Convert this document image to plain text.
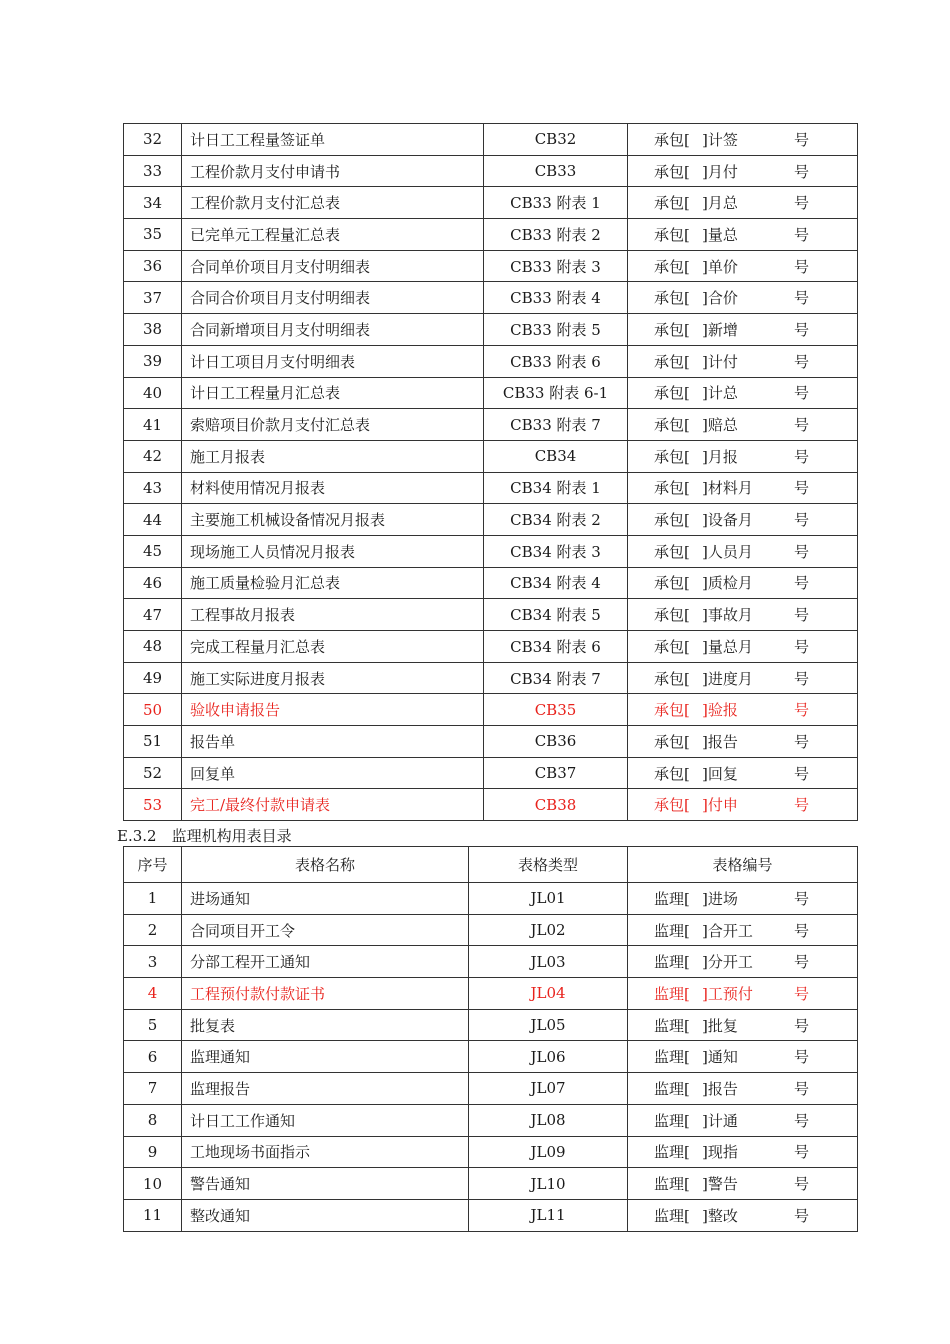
32	计日工工程量签证单	CB32	承包[ ]计签 号
33	工程价款月支付申请书	CB33	承包[ ]月付 号
34	工程价款月支付汇总表	CB33 附表 1	承包[ ]月总 号
35	已完单元工程量汇总表	CB33 附表 2	承包[ ]量总 号
36	合同单价项目月支付明细表	CB33 附表 3	承包[ ]单价 号
37	合同合价项目月支付明细表	CB33 附表 4	承包[ ]合价 号
38	合同新增项目月支付明细表	CB33 附表 5	承包[ ]新增 号
39	计日工项目月支付明细表	CB33 附表 6	承包[ ]计付 号
40	计日工工程量月汇总表	CB33 附表 6-1	承包[ ]计总 号
41	索赔项目价款月支付汇总表	CB33 附表 7	承包[ ]赔总 号
42	施工月报表	CB34	承包[ ]月报 号
43	材料使用情况月报表	CB34 附表 1	承包[ ]材料月 号
44	主要施工机械设备情况月报表	CB34 附表 2	承包[ ]设备月 号
45	现场施工人员情况月报表	CB34 附表 3	承包[ ]人员月 号
46	施工质量检验月汇总表	CB34 附表 4	承包[ ]质检月 号
47	工程事故月报表	CB34 附表 5	承包[ ]事故月 号
48	完成工程量月汇总表	CB34 附表 6	承包[ ]量总月 号
49	施工实际进度月报表	CB34 附表 7	承包[ ]进度月 号
50	验收申请报告	CB35	承包[ ]验报 号
51	报告单	CB36	承包[ ]报告 号
52	回复单	CB37	承包[ ]回复 号
53	完工/最终付款申请表	CB38	承包[ ]付申 号
E.3.2　监理机构用表目录
序号	表格名称	表格类型	表格编号
1	进场通知	JL01	监理[ ]进场 号
2	合同项目开工令	JL02	监理[ ]合开工 号
3	分部工程开工通知	JL03	监理[ ]分开工 号
4	工程预付款付款证书	JL04	监理[ ]工预付 号
5	批复表	JL05	监理[ ]批复 号
6	监理通知	JL06	监理[ ]通知 号
7	监理报告	JL07	监理[ ]报告 号
8	计日工工作通知	JL08	监理[ ]计通 号
9	工地现场书面指示	JL09	监理[ ]现指 号
10	警告通知	JL10	监理[ ]警告 号
11	整改通知	JL11	监理[ ]整改 号
